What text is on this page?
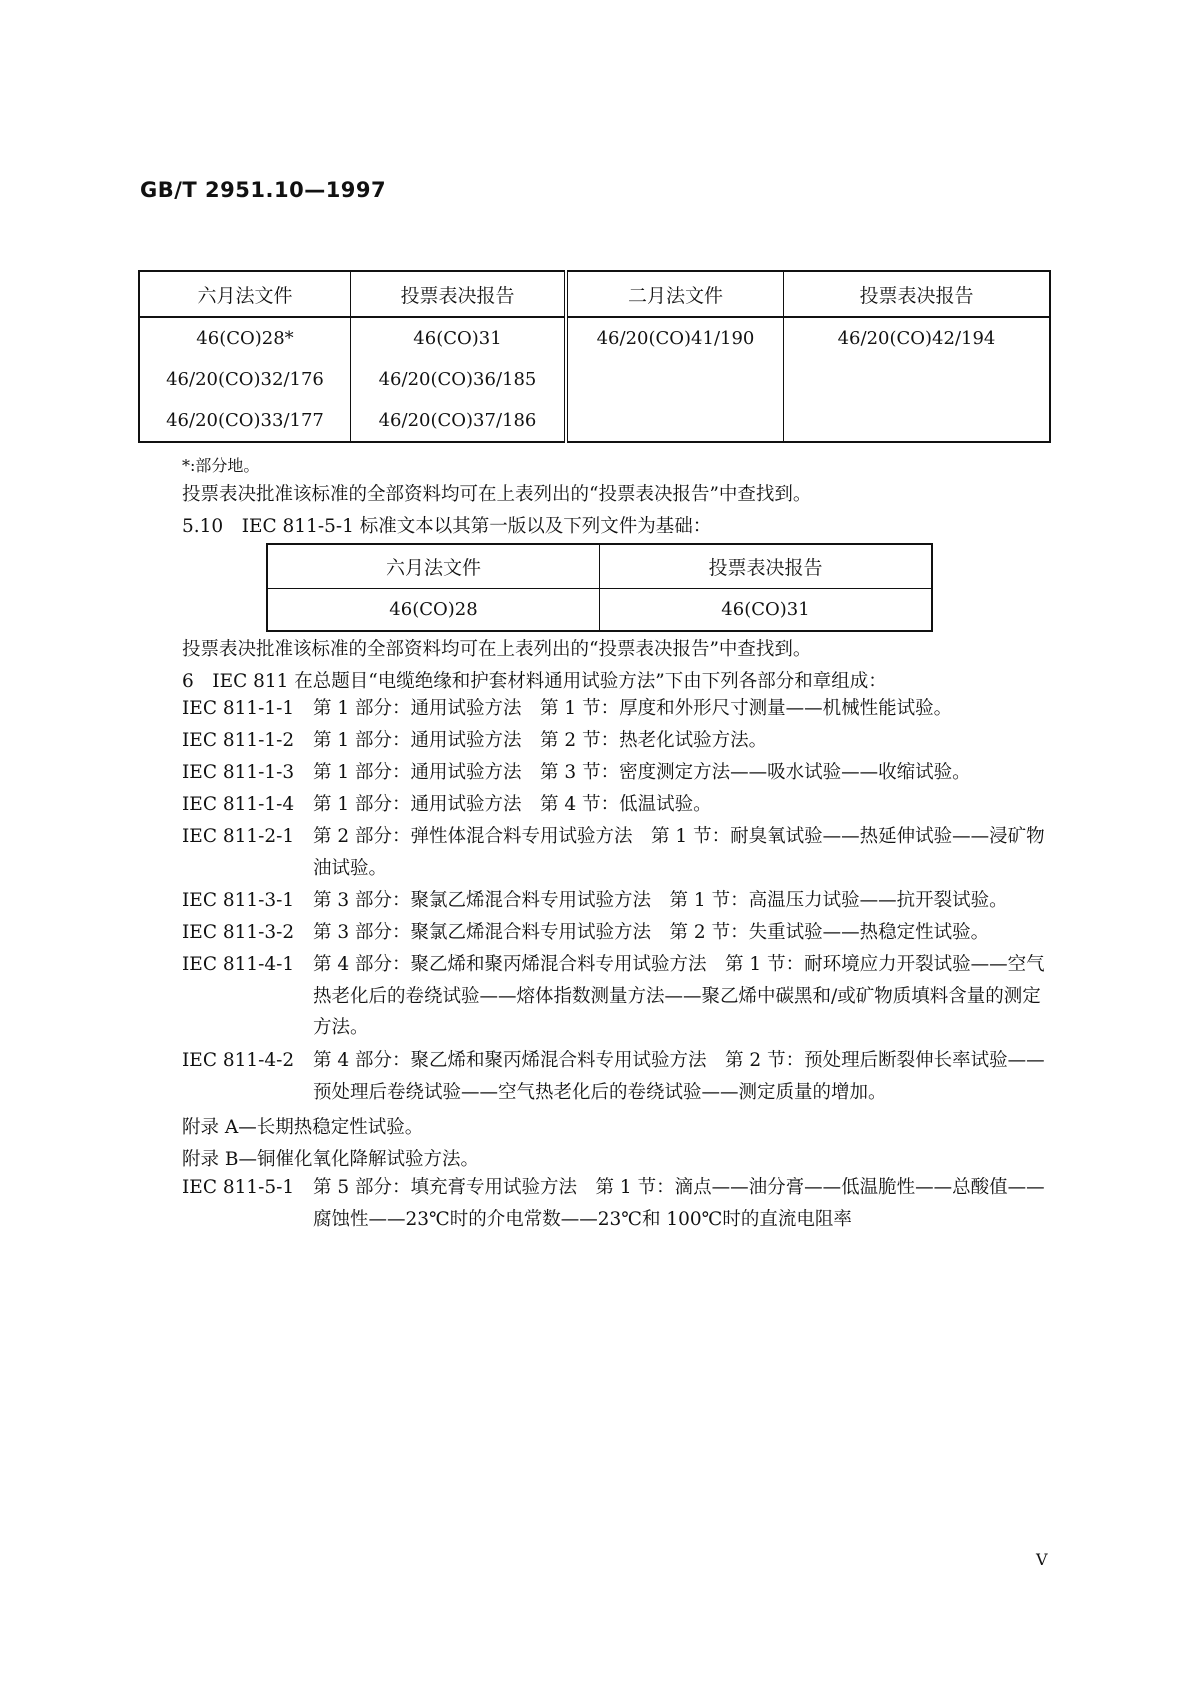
GB/T 2951.10—1997
六月法文件	投票表决报告	二月法文件	投票表决报告
46(CO)28*	46(CO)31	46/20(CO)41/190	46/20(CO)42/194
46/20(CO)32/176	46/20(CO)36/185		
46/20(CO)33/177	46/20(CO)37/186		
*:部分地。
投票表决批准该标准的全部资料均可在上表列出的“投票表决报告”中查找到。
5.10　IEC 811-5-1 标准文本以其第一版以及下列文件为基础：
六月法文件	投票表决报告
46(CO)28	46(CO)31
投票表决批准该标准的全部资料均可在上表列出的“投票表决报告”中查找到。
6　IEC 811 在总题目“电缆绝缘和护套材料通用试验方法”下由下列各部分和章组成：
IEC 811-1-1 第 1 部分：通用试验方法　第 1 节：厚度和外形尺寸测量——机械性能试验。
IEC 811-1-2 第 1 部分：通用试验方法　第 2 节：热老化试验方法。
IEC 811-1-3 第 1 部分：通用试验方法　第 3 节：密度测定方法——吸水试验——收缩试验。
IEC 811-1-4 第 1 部分：通用试验方法　第 4 节：低温试验。
IEC 811-2-1 第 2 部分：弹性体混合料专用试验方法　第 1 节：耐臭氧试验——热延伸试验——浸矿物油试验。
IEC 811-3-1 第 3 部分：聚氯乙烯混合料专用试验方法　第 1 节：高温压力试验——抗开裂试验。
IEC 811-3-2 第 3 部分：聚氯乙烯混合料专用试验方法　第 2 节：失重试验——热稳定性试验。
IEC 811-4-1 第 4 部分：聚乙烯和聚丙烯混合料专用试验方法　第 1 节：耐环境应力开裂试验——空气热老化后的卷绕试验——熔体指数测量方法——聚乙烯中碳黑和/或矿物质填料含量的测定方法。
IEC 811-4-2 第 4 部分：聚乙烯和聚丙烯混合料专用试验方法　第 2 节：预处理后断裂伸长率试验——预处理后卷绕试验——空气热老化后的卷绕试验——测定质量的增加。
附录 A—长期热稳定性试验。
附录 B—铜催化氧化降解试验方法。
IEC 811-5-1 第 5 部分：填充膏专用试验方法　第 1 节：滴点——油分膏——低温脆性——总酸值——腐蚀性——23℃时的介电常数——23℃和 100℃时的直流电阻率
V
